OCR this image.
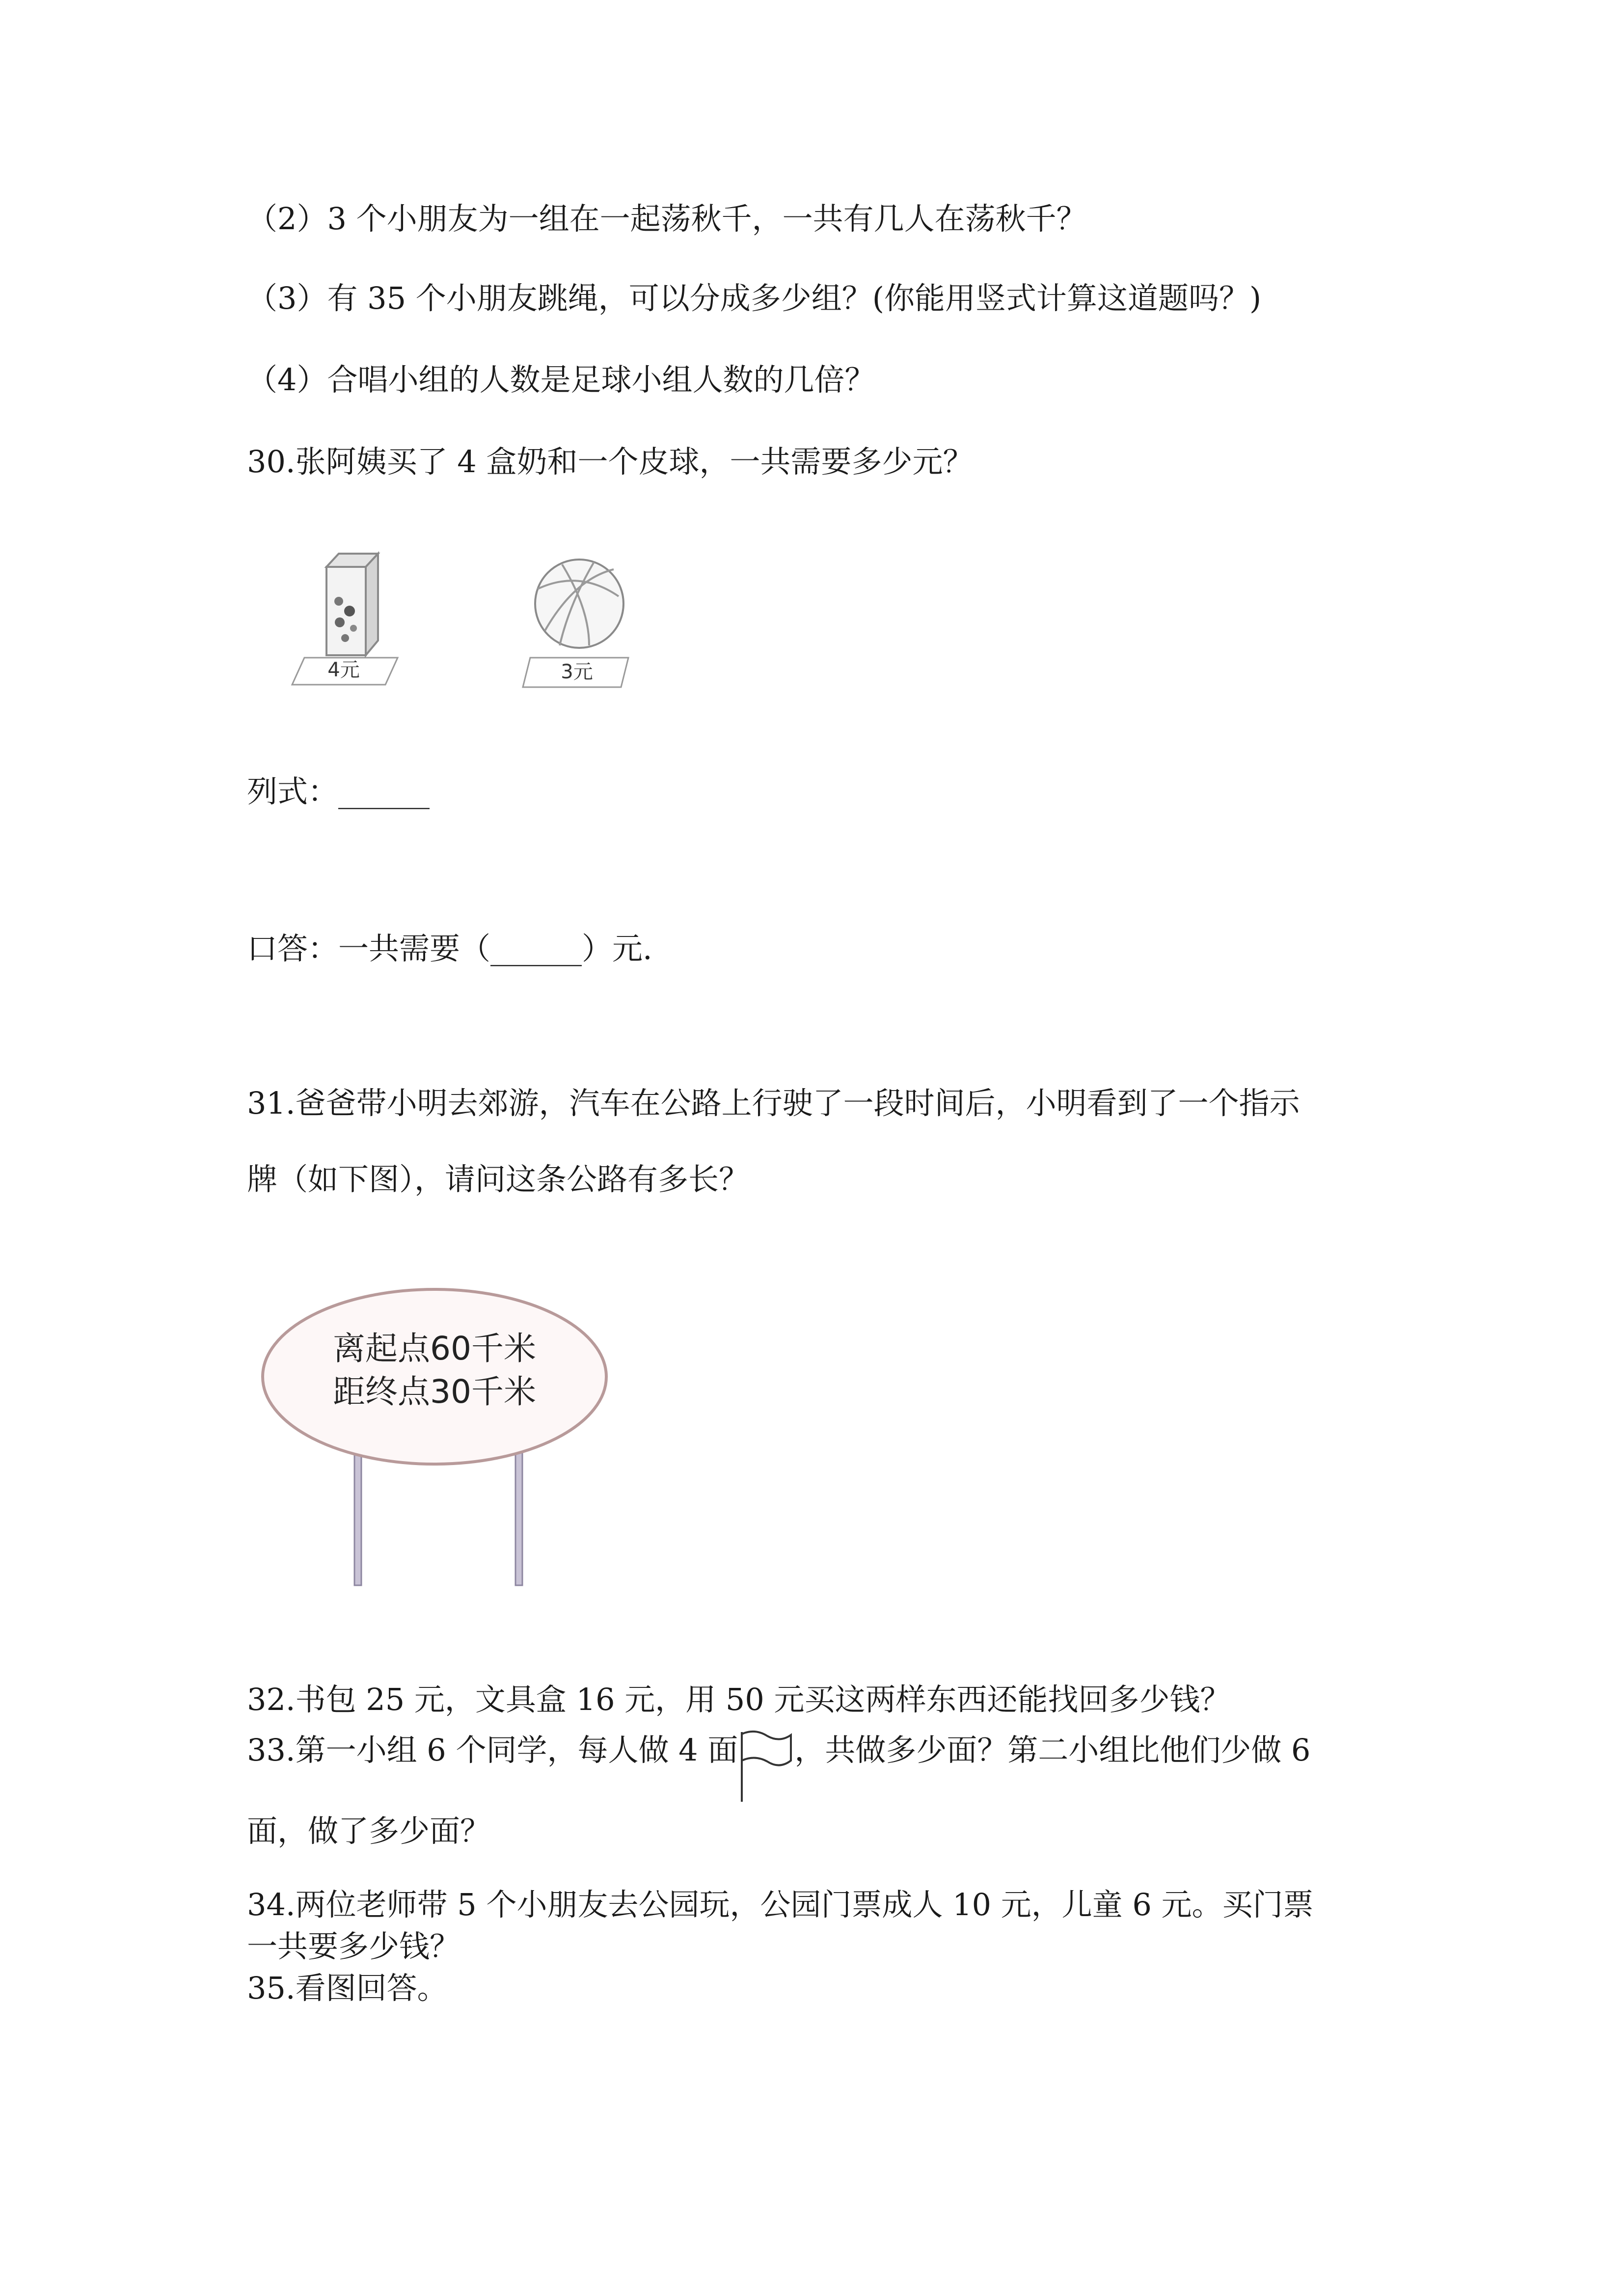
（2）3 个小朋友为一组在一起荡秋千，一共有几人在荡秋千？
（3）有 35 个小朋友跳绳，可以分成多少组？(你能用竖式计算这道题吗？)
（4）合唱小组的人数是足球小组人数的几倍？
30.张阿姨买了 4 盒奶和一个皮球，一共需要多少元？
4元	3元
列式：______
口答：一共需要（______）元.
31.爸爸带小明去郊游，汽车在公路上行驶了一段时间后，小明看到了一个指示
牌（如下图），请问这条公路有多长？
离起点60千米
距终点30千米
32.书包 25 元，文具盒 16 元，用 50 元买这两样东西还能找回多少钱？
33.第一小组 6 个同学，每人做 4 面 ，共做多少面？第二小组比他们少做 6
面，做了多少面？
34.两位老师带 5 个小朋友去公园玩，公园门票成人 10 元，儿童 6 元。买门票
一共要多少钱？
35.看图回答。
